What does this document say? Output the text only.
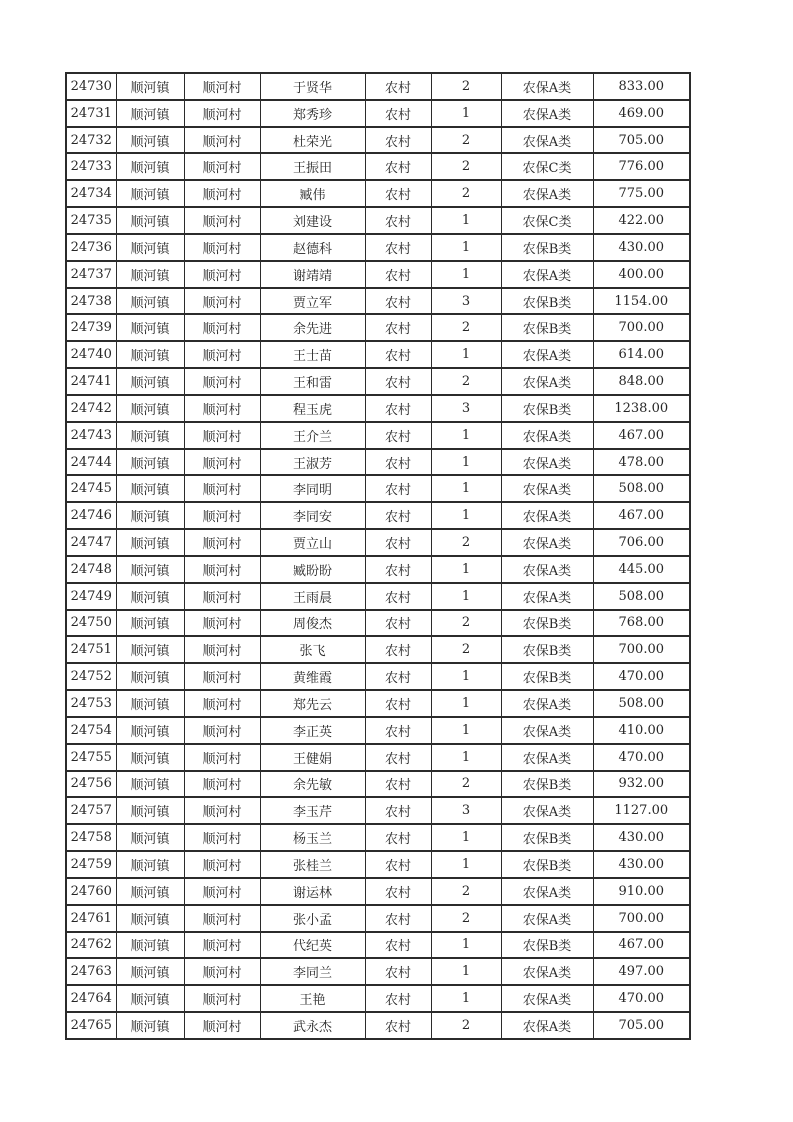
24730	顺河镇	顺河村	于贤华	农村	2	农保A类	833.00
24731	顺河镇	顺河村	郑秀珍	农村	1	农保A类	469.00
24732	顺河镇	顺河村	杜荣光	农村	2	农保A类	705.00
24733	顺河镇	顺河村	王振田	农村	2	农保C类	776.00
24734	顺河镇	顺河村	臧伟	农村	2	农保A类	775.00
24735	顺河镇	顺河村	刘建设	农村	1	农保C类	422.00
24736	顺河镇	顺河村	赵德科	农村	1	农保B类	430.00
24737	顺河镇	顺河村	谢靖靖	农村	1	农保A类	400.00
24738	顺河镇	顺河村	贾立军	农村	3	农保B类	1154.00
24739	顺河镇	顺河村	余先进	农村	2	农保B类	700.00
24740	顺河镇	顺河村	王士苗	农村	1	农保A类	614.00
24741	顺河镇	顺河村	王和雷	农村	2	农保A类	848.00
24742	顺河镇	顺河村	程玉虎	农村	3	农保B类	1238.00
24743	顺河镇	顺河村	王介兰	农村	1	农保A类	467.00
24744	顺河镇	顺河村	王淑芳	农村	1	农保A类	478.00
24745	顺河镇	顺河村	李同明	农村	1	农保A类	508.00
24746	顺河镇	顺河村	李同安	农村	1	农保A类	467.00
24747	顺河镇	顺河村	贾立山	农村	2	农保A类	706.00
24748	顺河镇	顺河村	臧盼盼	农村	1	农保A类	445.00
24749	顺河镇	顺河村	王雨晨	农村	1	农保A类	508.00
24750	顺河镇	顺河村	周俊杰	农村	2	农保B类	768.00
24751	顺河镇	顺河村	张飞	农村	2	农保B类	700.00
24752	顺河镇	顺河村	黄维霞	农村	1	农保B类	470.00
24753	顺河镇	顺河村	郑先云	农村	1	农保A类	508.00
24754	顺河镇	顺河村	李正英	农村	1	农保A类	410.00
24755	顺河镇	顺河村	王健娟	农村	1	农保A类	470.00
24756	顺河镇	顺河村	余先敏	农村	2	农保B类	932.00
24757	顺河镇	顺河村	李玉芹	农村	3	农保A类	1127.00
24758	顺河镇	顺河村	杨玉兰	农村	1	农保B类	430.00
24759	顺河镇	顺河村	张桂兰	农村	1	农保B类	430.00
24760	顺河镇	顺河村	谢运林	农村	2	农保A类	910.00
24761	顺河镇	顺河村	张小孟	农村	2	农保A类	700.00
24762	顺河镇	顺河村	代纪英	农村	1	农保B类	467.00
24763	顺河镇	顺河村	李同兰	农村	1	农保A类	497.00
24764	顺河镇	顺河村	王艳	农村	1	农保A类	470.00
24765	顺河镇	顺河村	武永杰	农村	2	农保A类	705.00
